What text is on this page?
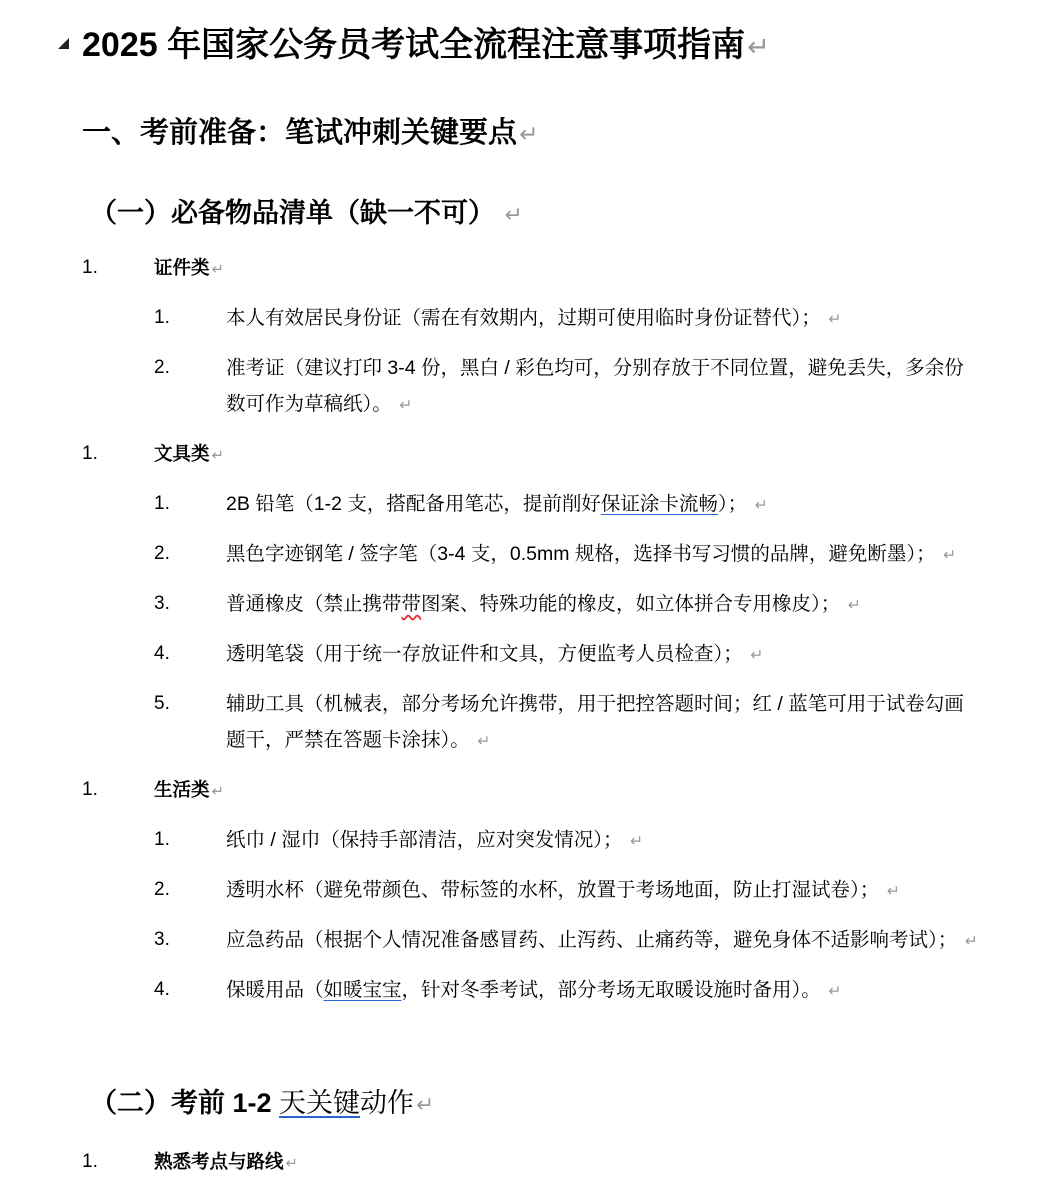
2025 年国家公务员考试全流程注意事项指南↵
一、考前准备：笔试冲刺关键要点↵
（一）必备物品清单（缺一不可） ↵
1.	证件类 ↵
1.	本人有效居民身份证（需在有效期内，过期可使用临时身份证替代）； ↵
2.	准考证（建议打印 3-4 份，黑白 / 彩色均可，分别存放于不同位置，避免丢失，多余份数可作为草稿纸）。 ↵
1.	文具类 ↵
1.	2B 铅笔（1-2 支，搭配备用笔芯，提前削好保证涂卡流畅）； ↵
2.	黑色字迹钢笔 / 签字笔（3-4 支，0.5mm 规格，选择书写习惯的品牌，避免断墨）； ↵
3.	普通橡皮（禁止携带带图案、特殊功能的橡皮，如立体拼合专用橡皮）； ↵
4.	透明笔袋（用于统一存放证件和文具，方便监考人员检查）； ↵
5.	辅助工具（机械表，部分考场允许携带，用于把控答题时间；红 / 蓝笔可用于试卷勾画题干，严禁在答题卡涂抹）。 ↵
1.	生活类 ↵
1.	纸巾 / 湿巾（保持手部清洁，应对突发情况）； ↵
2.	透明水杯（避免带颜色、带标签的水杯，放置于考场地面，防止打湿试卷）； ↵
3.	应急药品（根据个人情况准备感冒药、止泻药、止痛药等，避免身体不适影响考试）； ↵
4.	保暖用品（如暖宝宝，针对冬季考试，部分考场无取暖设施时备用）。 ↵
（二）考前 1-2 天关键动作↵
1.	熟悉考点与路线 ↵
